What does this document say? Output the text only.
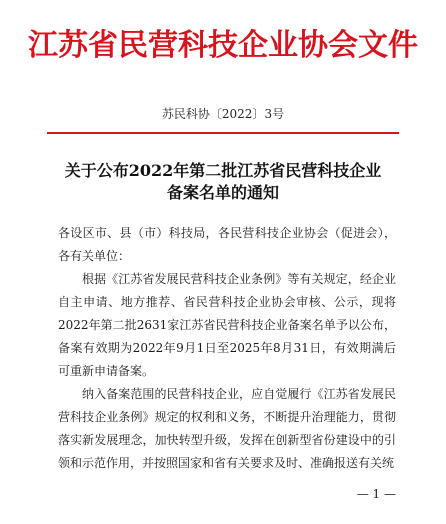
江苏省民营科技企业协会文件
苏民科协〔2022〕3号
关于公布2022年第二批江苏省民营科技企业
备案名单的通知

各设区市、县（市）科技局，各民营科技企业协会（促进会），各有关单位：

根据《江苏省发展民营科技企业条例》等有关规定，经企业自主申请、地方推荐、省民营科技企业协会审核、公示，现将2022年第二批2631家江苏省民营科技企业备案名单予以公布，备案有效期为2022年9月1日至2025年8月31日，有效期满后可重新申请备案。

纳入备案范围的民营科技企业，应自觉履行《江苏省发展民营科技企业条例》规定的权利和义务，不断提升治理能力，贯彻落实新发展理念，加快转型升级，发挥在创新型省份建设中的引领和示范作用，并按照国家和省有关要求及时、准确报送有关统

— 1 —
